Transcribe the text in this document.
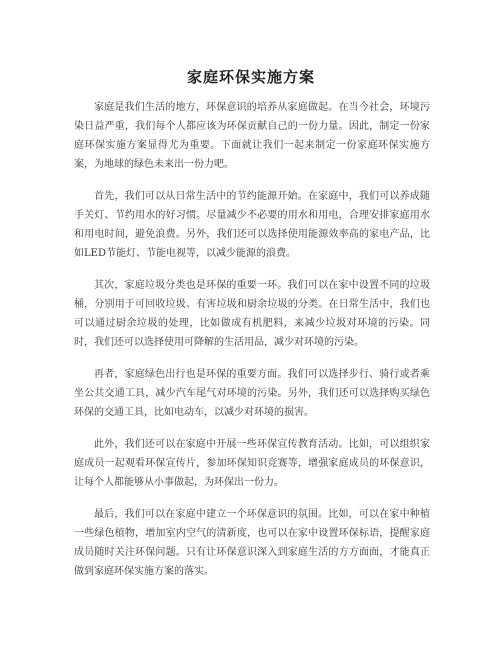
家庭环保实施方案

家庭是我们生活的地方，环保意识的培养从家庭做起。在当今社会，环境污染日益严重，我们每个人都应该为环保贡献自己的一份力量。因此，制定一份家庭环保实施方案显得尤为重要。下面就让我们一起来制定一份家庭环保实施方案，为地球的绿色未来出一份力吧。

首先，我们可以从日常生活中的节约能源开始。在家庭中，我们可以养成随手关灯、节约用水的好习惯。尽量减少不必要的用水和用电，合理安排家庭用水和用电时间，避免浪费。另外，我们还可以选择使用能源效率高的家电产品，比如LED节能灯、节能电视等，以减少能源的浪费。

其次，家庭垃圾分类也是环保的重要一环。我们可以在家中设置不同的垃圾桶，分别用于可回收垃圾、有害垃圾和厨余垃圾的分类。在日常生活中，我们也可以通过厨余垃圾的处理，比如做成有机肥料，来减少垃圾对环境的污染。同时，我们还可以选择使用可降解的生活用品，减少对环境的污染。

再者，家庭绿色出行也是环保的重要方面。我们可以选择步行、骑行或者乘坐公共交通工具，减少汽车尾气对环境的污染。另外，我们还可以选择购买绿色环保的交通工具，比如电动车，以减少对环境的损害。

此外，我们还可以在家庭中开展一些环保宣传教育活动。比如，可以组织家庭成员一起观看环保宣传片，参加环保知识竞赛等，增强家庭成员的环保意识，让每个人都能够从小事做起，为环保出一份力。

最后，我们可以在家庭中建立一个环保意识的氛围。比如，可以在家中种植一些绿色植物，增加室内空气的清新度，也可以在家中设置环保标语，提醒家庭成员随时关注环保问题。只有让环保意识深入到家庭生活的方方面面，才能真正做到家庭环保实施方案的落实。
